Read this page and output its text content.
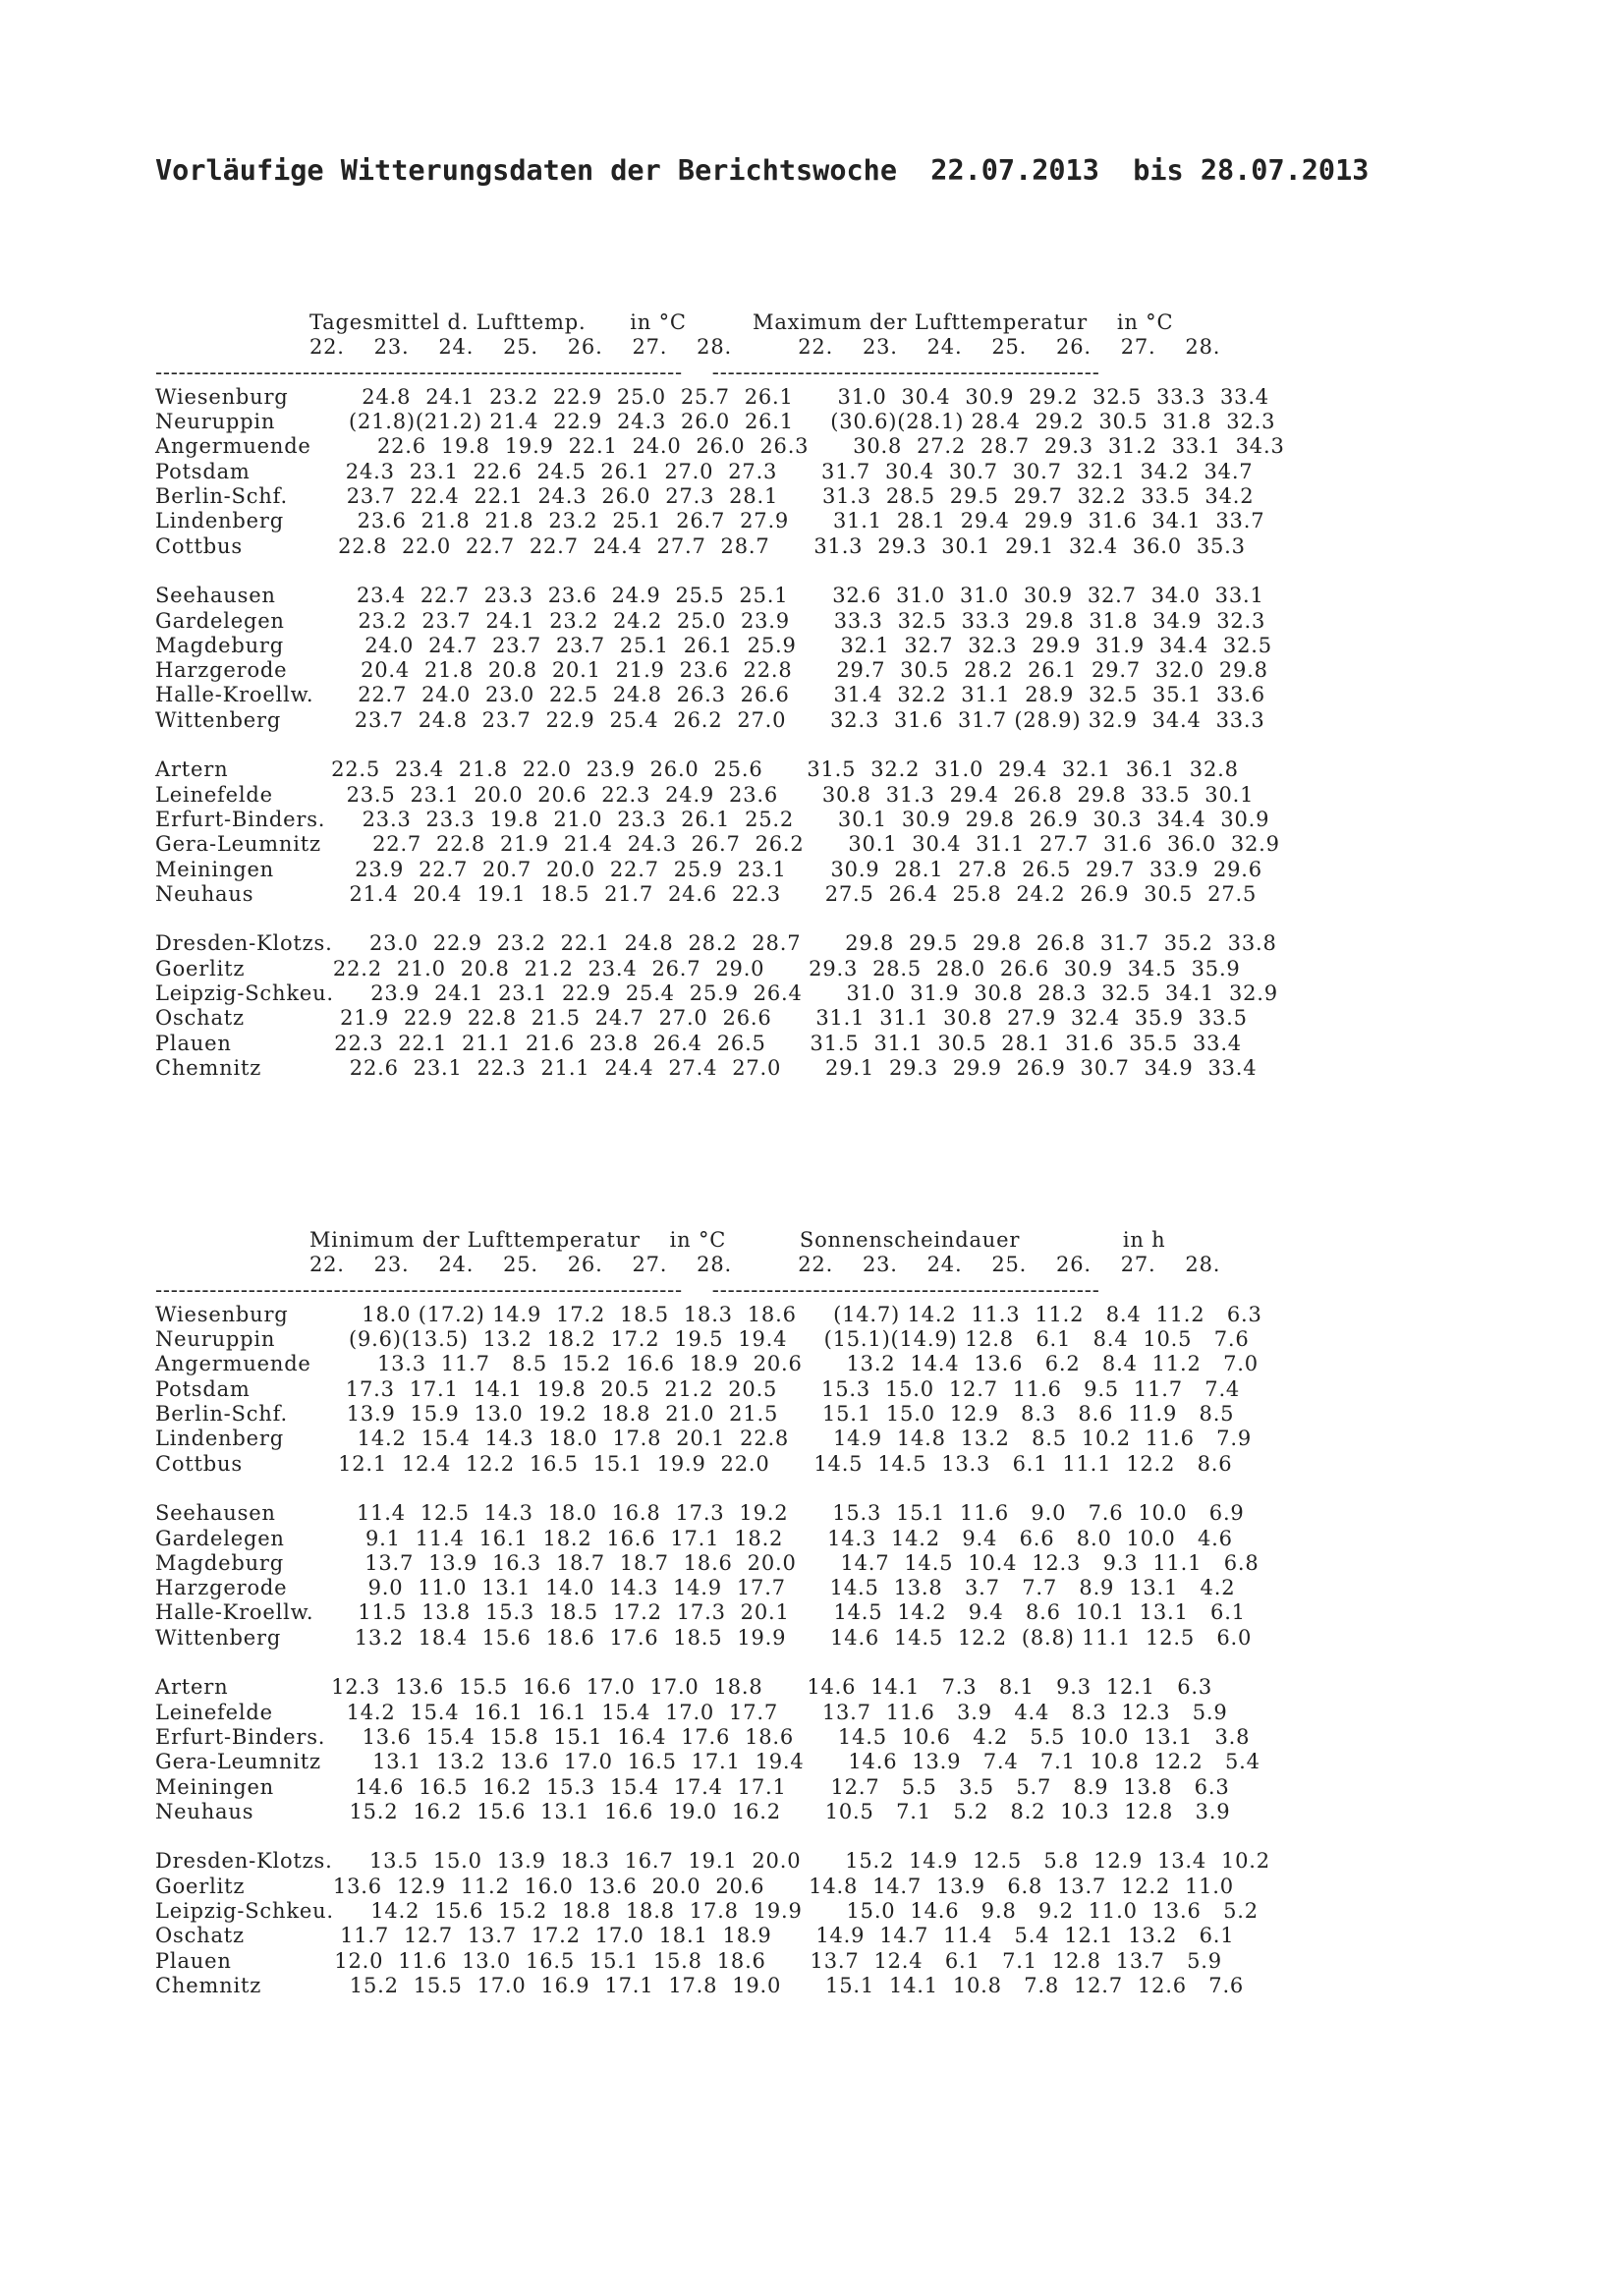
Vorläufige Witterungsdaten der Berichtswoche  22.07.2013  bis 28.07.2013
Tagesmittel d. Lufttemp.      in °C         Maximum der Lufttemperatur    in °C
22.    23.    24.    25.    26.    27.    28.         22.    23.    24.    25.    26.    27.    28.
--------------------------------------------------------------------    --------------------------------------------------
Wiesenburg          24.8  24.1  23.2  22.9  25.0  25.7  26.1      31.0  30.4  30.9  29.2  32.5  33.3  33.4
Neuruppin          (21.8)(21.2) 21.4  22.9  24.3  26.0  26.1     (30.6)(28.1) 28.4  29.2  30.5  31.8  32.3
Angermuende         22.6  19.8  19.9  22.1  24.0  26.0  26.3      30.8  27.2  28.7  29.3  31.2  33.1  34.3
Potsdam             24.3  23.1  22.6  24.5  26.1  27.0  27.3      31.7  30.4  30.7  30.7  32.1  34.2  34.7
Berlin-Schf.        23.7  22.4  22.1  24.3  26.0  27.3  28.1      31.3  28.5  29.5  29.7  32.2  33.5  34.2
Lindenberg          23.6  21.8  21.8  23.2  25.1  26.7  27.9      31.1  28.1  29.4  29.9  31.6  34.1  33.7
Cottbus             22.8  22.0  22.7  22.7  24.4  27.7  28.7      31.3  29.3  30.1  29.1  32.4  36.0  35.3

Seehausen           23.4  22.7  23.3  23.6  24.9  25.5  25.1      32.6  31.0  31.0  30.9  32.7  34.0  33.1
Gardelegen          23.2  23.7  24.1  23.2  24.2  25.0  23.9      33.3  32.5  33.3  29.8  31.8  34.9  32.3
Magdeburg           24.0  24.7  23.7  23.7  25.1  26.1  25.9      32.1  32.7  32.3  29.9  31.9  34.4  32.5
Harzgerode          20.4  21.8  20.8  20.1  21.9  23.6  22.8      29.7  30.5  28.2  26.1  29.7  32.0  29.8
Halle-Kroellw.      22.7  24.0  23.0  22.5  24.8  26.3  26.6      31.4  32.2  31.1  28.9  32.5  35.1  33.6
Wittenberg          23.7  24.8  23.7  22.9  25.4  26.2  27.0      32.3  31.6  31.7 (28.9) 32.9  34.4  33.3

Artern              22.5  23.4  21.8  22.0  23.9  26.0  25.6      31.5  32.2  31.0  29.4  32.1  36.1  32.8
Leinefelde          23.5  23.1  20.0  20.6  22.3  24.9  23.6      30.8  31.3  29.4  26.8  29.8  33.5  30.1
Erfurt-Binders.     23.3  23.3  19.8  21.0  23.3  26.1  25.2      30.1  30.9  29.8  26.9  30.3  34.4  30.9
Gera-Leumnitz       22.7  22.8  21.9  21.4  24.3  26.7  26.2      30.1  30.4  31.1  27.7  31.6  36.0  32.9
Meiningen           23.9  22.7  20.7  20.0  22.7  25.9  23.1      30.9  28.1  27.8  26.5  29.7  33.9  29.6
Neuhaus             21.4  20.4  19.1  18.5  21.7  24.6  22.3      27.5  26.4  25.8  24.2  26.9  30.5  27.5

Dresden-Klotzs.     23.0  22.9  23.2  22.1  24.8  28.2  28.7      29.8  29.5  29.8  26.8  31.7  35.2  33.8
Goerlitz            22.2  21.0  20.8  21.2  23.4  26.7  29.0      29.3  28.5  28.0  26.6  30.9  34.5  35.9
Leipzig-Schkeu.     23.9  24.1  23.1  22.9  25.4  25.9  26.4      31.0  31.9  30.8  28.3  32.5  34.1  32.9
Oschatz             21.9  22.9  22.8  21.5  24.7  27.0  26.6      31.1  31.1  30.8  27.9  32.4  35.9  33.5
Plauen              22.3  22.1  21.1  21.6  23.8  26.4  26.5      31.5  31.1  30.5  28.1  31.6  35.5  33.4
Chemnitz            22.6  23.1  22.3  21.1  24.4  27.4  27.0      29.1  29.3  29.9  26.9  30.7  34.9  33.4
Minimum der Lufttemperatur    in °C          Sonnenscheindauer              in h
22.    23.    24.    25.    26.    27.    28.         22.    23.    24.    25.    26.    27.    28.
--------------------------------------------------------------------    --------------------------------------------------
Wiesenburg          18.0 (17.2) 14.9  17.2  18.5  18.3  18.6     (14.7) 14.2  11.3  11.2   8.4  11.2   6.3
Neuruppin          (9.6)(13.5)  13.2  18.2  17.2  19.5  19.4     (15.1)(14.9) 12.8   6.1   8.4  10.5   7.6
Angermuende         13.3  11.7   8.5  15.2  16.6  18.9  20.6      13.2  14.4  13.6   6.2   8.4  11.2   7.0
Potsdam             17.3  17.1  14.1  19.8  20.5  21.2  20.5      15.3  15.0  12.7  11.6   9.5  11.7   7.4
Berlin-Schf.        13.9  15.9  13.0  19.2  18.8  21.0  21.5      15.1  15.0  12.9   8.3   8.6  11.9   8.5
Lindenberg          14.2  15.4  14.3  18.0  17.8  20.1  22.8      14.9  14.8  13.2   8.5  10.2  11.6   7.9
Cottbus             12.1  12.4  12.2  16.5  15.1  19.9  22.0      14.5  14.5  13.3   6.1  11.1  12.2   8.6

Seehausen           11.4  12.5  14.3  18.0  16.8  17.3  19.2      15.3  15.1  11.6   9.0   7.6  10.0   6.9
Gardelegen           9.1  11.4  16.1  18.2  16.6  17.1  18.2      14.3  14.2   9.4   6.6   8.0  10.0   4.6
Magdeburg           13.7  13.9  16.3  18.7  18.7  18.6  20.0      14.7  14.5  10.4  12.3   9.3  11.1   6.8
Harzgerode           9.0  11.0  13.1  14.0  14.3  14.9  17.7      14.5  13.8   3.7   7.7   8.9  13.1   4.2
Halle-Kroellw.      11.5  13.8  15.3  18.5  17.2  17.3  20.1      14.5  14.2   9.4   8.6  10.1  13.1   6.1
Wittenberg          13.2  18.4  15.6  18.6  17.6  18.5  19.9      14.6  14.5  12.2  (8.8) 11.1  12.5   6.0

Artern              12.3  13.6  15.5  16.6  17.0  17.0  18.8      14.6  14.1   7.3   8.1   9.3  12.1   6.3
Leinefelde          14.2  15.4  16.1  16.1  15.4  17.0  17.7      13.7  11.6   3.9   4.4   8.3  12.3   5.9
Erfurt-Binders.     13.6  15.4  15.8  15.1  16.4  17.6  18.6      14.5  10.6   4.2   5.5  10.0  13.1   3.8
Gera-Leumnitz       13.1  13.2  13.6  17.0  16.5  17.1  19.4      14.6  13.9   7.4   7.1  10.8  12.2   5.4
Meiningen           14.6  16.5  16.2  15.3  15.4  17.4  17.1      12.7   5.5   3.5   5.7   8.9  13.8   6.3
Neuhaus             15.2  16.2  15.6  13.1  16.6  19.0  16.2      10.5   7.1   5.2   8.2  10.3  12.8   3.9

Dresden-Klotzs.     13.5  15.0  13.9  18.3  16.7  19.1  20.0      15.2  14.9  12.5   5.8  12.9  13.4  10.2
Goerlitz            13.6  12.9  11.2  16.0  13.6  20.0  20.6      14.8  14.7  13.9   6.8  13.7  12.2  11.0
Leipzig-Schkeu.     14.2  15.6  15.2  18.8  18.8  17.8  19.9      15.0  14.6   9.8   9.2  11.0  13.6   5.2
Oschatz             11.7  12.7  13.7  17.2  17.0  18.1  18.9      14.9  14.7  11.4   5.4  12.1  13.2   6.1
Plauen              12.0  11.6  13.0  16.5  15.1  15.8  18.6      13.7  12.4   6.1   7.1  12.8  13.7   5.9
Chemnitz            15.2  15.5  17.0  16.9  17.1  17.8  19.0      15.1  14.1  10.8   7.8  12.7  12.6   7.6
